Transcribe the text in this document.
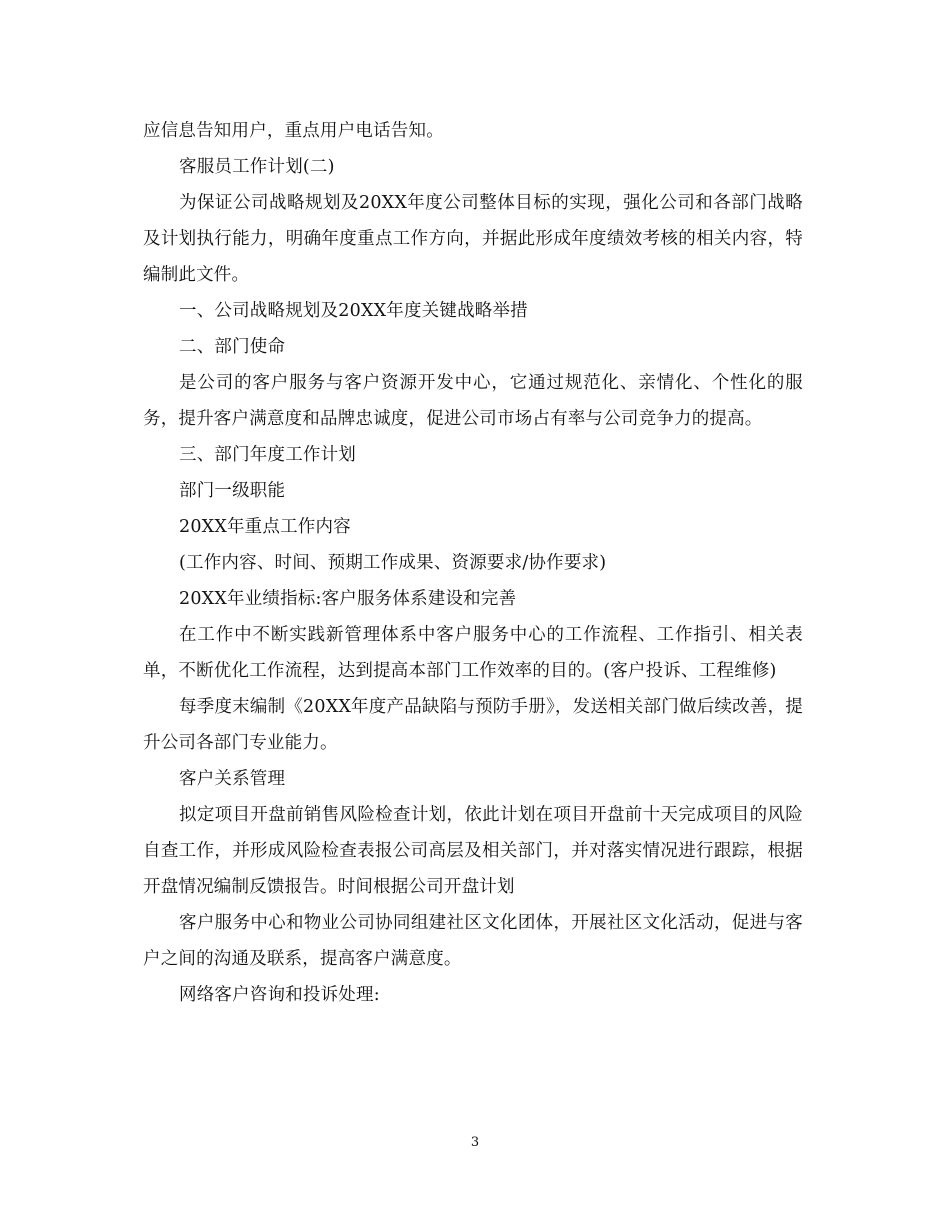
应信息告知用户，重点用户电话告知。

客服员工作计划(二)

为保证公司战略规划及20XX年度公司整体目标的实现，强化公司和各部门战略及计划执行能力，明确年度重点工作方向，并据此形成年度绩效考核的相关内容，特编制此文件。

一、公司战略规划及20XX年度关键战略举措

二、部门使命

是公司的客户服务与客户资源开发中心，它通过规范化、亲情化、个性化的服务，提升客户满意度和品牌忠诚度，促进公司市场占有率与公司竞争力的提高。

三、部门年度工作计划

部门一级职能

20XX年重点工作内容

(工作内容、时间、预期工作成果、资源要求/协作要求)

20XX年业绩指标:客户服务体系建设和完善

在工作中不断实践新管理体系中客户服务中心的工作流程、工作指引、相关表单，不断优化工作流程，达到提高本部门工作效率的目的。(客户投诉、工程维修)

每季度末编制《20XX年度产品缺陷与预防手册》，发送相关部门做后续改善，提升公司各部门专业能力。

客户关系管理

拟定项目开盘前销售风险检查计划，依此计划在项目开盘前十天完成项目的风险自查工作，并形成风险检查表报公司高层及相关部门，并对落实情况进行跟踪，根据开盘情况编制反馈报告。时间根据公司开盘计划

客户服务中心和物业公司协同组建社区文化团体，开展社区文化活动，促进与客户之间的沟通及联系，提高客户满意度。

网络客户咨询和投诉处理:

3
